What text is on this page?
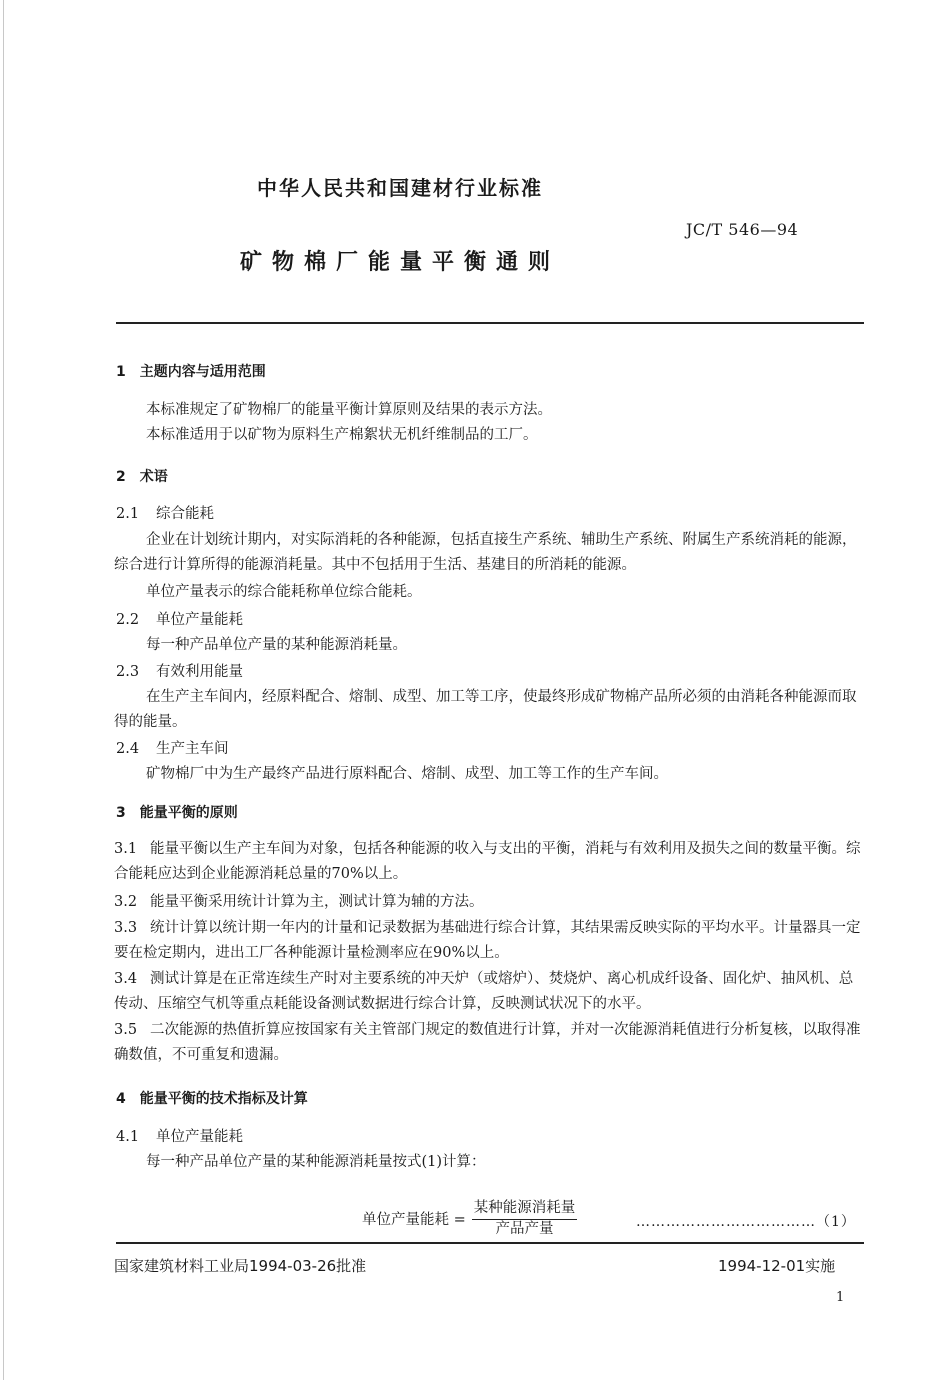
中华人民共和国建材行业标准
JC/T 546—94
矿物棉厂能量平衡通则
1　主题内容与适用范围
本标准规定了矿物棉厂的能量平衡计算原则及结果的表示方法。
本标准适用于以矿物为原料生产棉絮状无机纤维制品的工厂。
2　术语
2.1 综合能耗
企业在计划统计期内，对实际消耗的各种能源，包括直接生产系统、辅助生产系统、附属生产系统消耗的能源，综合进行计算所得的能源消耗量。其中不包括用于生活、基建目的所消耗的能源。
单位产量表示的综合能耗称单位综合能耗。
2.2 单位产量能耗
每一种产品单位产量的某种能源消耗量。
2.3 有效利用能量
在生产主车间内，经原料配合、熔制、成型、加工等工序，使最终形成矿物棉产品所必须的由消耗各种能源而取得的能量。
2.4 生产主车间
矿物棉厂中为生产最终产品进行原料配合、熔制、成型、加工等工作的生产车间。
3　能量平衡的原则
3.1 能量平衡以生产主车间为对象，包括各种能源的收入与支出的平衡，消耗与有效利用及损失之间的数量平衡。综合能耗应达到企业能源消耗总量的70%以上。
3.2 能量平衡采用统计计算为主，测试计算为辅的方法。
3.3 统计计算以统计期一年内的计量和记录数据为基础进行综合计算，其结果需反映实际的平均水平。计量器具一定要在检定期内，进出工厂各种能源计量检测率应在90%以上。
3.4 测试计算是在正常连续生产时对主要系统的冲天炉（或熔炉）、焚烧炉、离心机成纤设备、固化炉、抽风机、总传动、压缩空气机等重点耗能设备测试数据进行综合计算，反映测试状况下的水平。
3.5 二次能源的热值折算应按国家有关主管部门规定的数值进行计算，并对一次能源消耗值进行分析复核，以取得准确数值，不可重复和遗漏。
4　能量平衡的技术指标及计算
4.1 单位产量能耗
每一种产品单位产量的某种能源消耗量按式(1)计算：
单位产量能耗 = $\frac{\text{某种能源消耗量}}{\text{产品产量}}$	………………………………（1）
国家建筑材料工业局1994-03-26批准	1994-12-01实施
1
